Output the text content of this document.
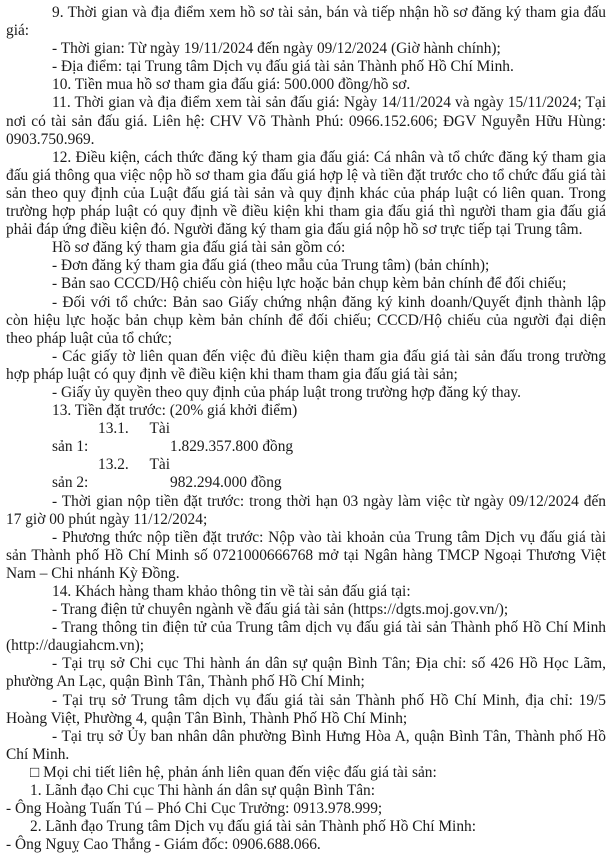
9. Thời gian và địa điểm xem hồ sơ tài sản, bán và tiếp nhận hồ sơ đăng ký tham gia đấu giá:

- Thời gian: Từ ngày 19/11/2024 đến ngày 09/12/2024 (Giờ hành chính);

- Địa điểm: tại Trung tâm Dịch vụ đấu giá tài sản Thành phố Hồ Chí Minh.

10. Tiền mua hồ sơ tham gia đấu giá: 500.000 đồng/hồ sơ.

11. Thời gian và địa điểm xem tài sản đấu giá: Ngày 14/11/2024 và ngày 15/11/2024; Tại nơi có tài sản đấu giá. Liên hệ: CHV Võ Thành Phú: 0966.152.606; ĐGV Nguyễn Hữu Hùng: 0903.750.969.

12. Điều kiện, cách thức đăng ký tham gia đấu giá: Cá nhân và tổ chức đăng ký tham gia đấu giá thông qua việc nộp hồ sơ tham gia đấu giá hợp lệ và tiền đặt trước cho tổ chức đấu giá tài sản theo quy định của Luật đấu giá tài sản và quy định khác của pháp luật có liên quan. Trong trường hợp pháp luật có quy định về điều kiện khi tham gia đấu giá thì người tham gia đấu giá phải đáp ứng điều kiện đó. Người đăng ký tham gia đấu giá nộp hồ sơ trực tiếp tại Trung tâm.

Hồ sơ đăng ký tham gia đấu giá tài sản gồm có:

- Đơn đăng ký tham gia đấu giá (theo mẫu của Trung tâm) (bản chính);

- Bản sao CCCD/Hộ chiếu còn hiệu lực hoặc bản chụp kèm bản chính để đối chiếu;

- Đối với tổ chức: Bản sao Giấy chứng nhận đăng ký kinh doanh/Quyết định thành lập còn hiệu lực hoặc bản chụp kèm bản chính để đối chiếu; CCCD/Hộ chiếu của người đại diện theo pháp luật của tổ chức;

- Các giấy tờ liên quan đến việc đủ điều kiện tham gia đấu giá tài sản đấu trong trường hợp pháp luật có quy định về điều kiện khi tham tham gia đấu giá tài sản;

- Giấy ủy quyền theo quy định của pháp luật trong trường hợp đăng ký thay.

13. Tiền đặt trước: (20% giá khởi điểm)

13.1. Tài sản 1:	1.829.357.800 đồng

13.2. Tài sản 2:	982.294.000 đồng

- Thời gian nộp tiền đặt trước: trong thời hạn 03 ngày làm việc từ ngày 09/12/2024 đến 17 giờ 00 phút ngày 11/12/2024;

- Phương thức nộp tiền đặt trước: Nộp vào tài khoản của Trung tâm Dịch vụ đấu giá tài sản Thành phố Hồ Chí Minh số 0721000666768 mở tại Ngân hàng TMCP Ngoại Thương Việt Nam – Chi nhánh Kỳ Đồng.

14. Khách hàng tham khảo thông tin về tài sản đấu giá tại:

- Trang điện tử chuyên ngành về đấu giá tài sản (https://dgts.moj.gov.vn/);

- Trang thông tin điện tử của Trung tâm dịch vụ đấu giá tài sản Thành phố Hồ Chí Minh (http://daugiahcm.vn);

- Tại trụ sở Chi cục Thi hành án dân sự quận Bình Tân; Địa chỉ: số 426 Hồ Học Lãm, phường An Lạc, quận Bình Tân, Thành phố Hồ Chí Minh;

- Tại trụ sở Trung tâm dịch vụ đấu giá tài sản Thành phố Hồ Chí Minh, địa chỉ: 19/5 Hoàng Việt, Phường 4, quận Tân Bình, Thành Phố Hồ Chí Minh;

- Tại trụ sở Ủy ban nhân dân phường Bình Hưng Hòa A, quận Bình Tân, Thành phố Hồ Chí Minh.

□ Mọi chi tiết liên hệ, phản ánh liên quan đến việc đấu giá tài sản:

1. Lãnh đạo Chi cục Thi hành án dân sự quận Bình Tân:

- Ông Hoàng Tuấn Tú – Phó Chi Cục Trưởng: 0913.978.999;

2. Lãnh đạo Trung tâm Dịch vụ đấu giá tài sản Thành phố Hồ Chí Minh:

- Ông Nguỵ Cao Thắng - Giám đốc: 0906.688.066.
